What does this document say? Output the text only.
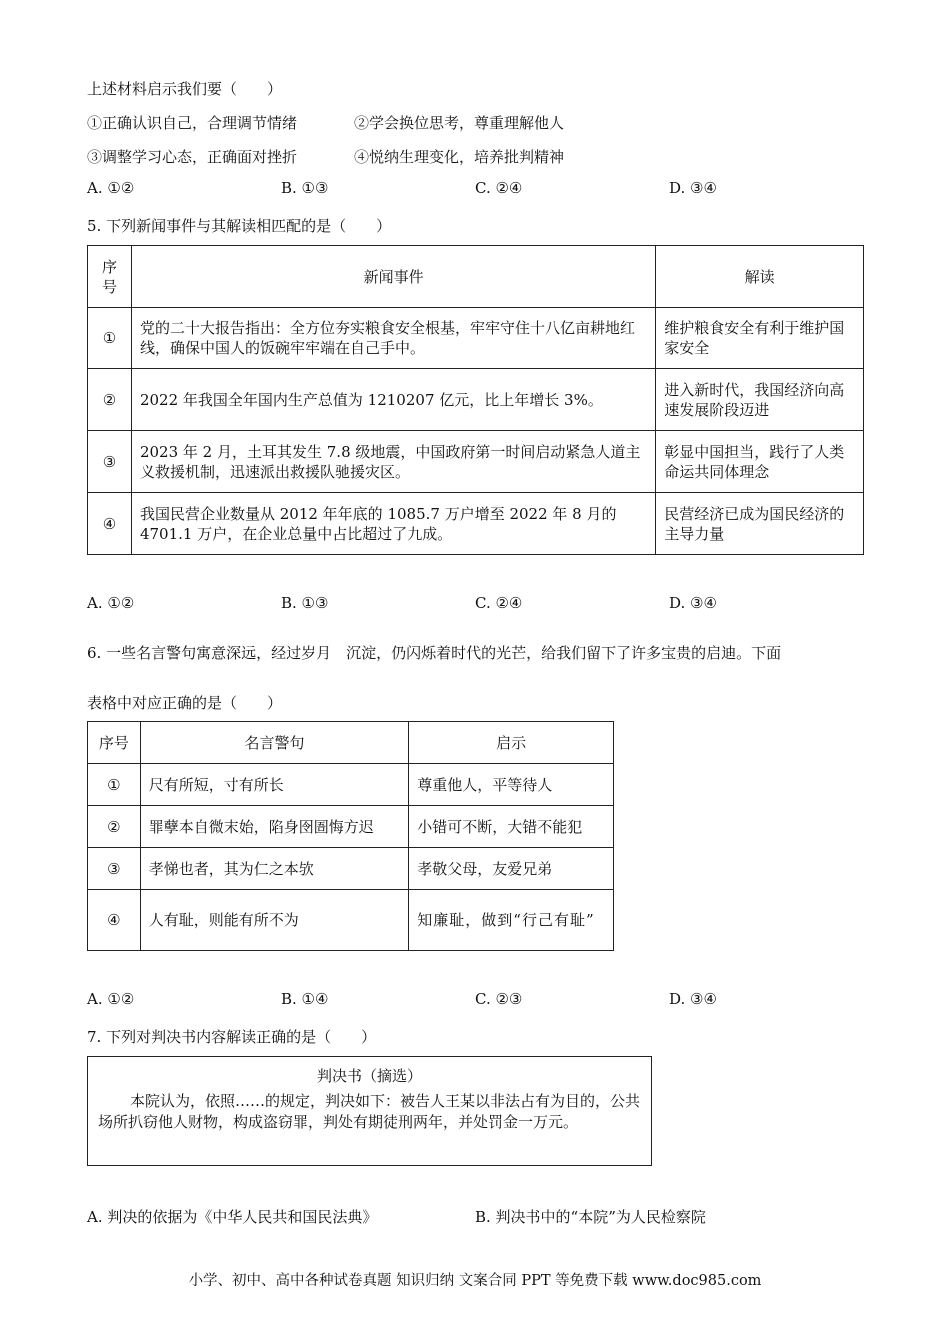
上述材料启示我们要（　　）
①正确认识自己，合理调节情绪	②学会换位思考，尊重理解他人
③调整学习心态，正确面对挫折	④悦纳生理变化，培养批判精神
A. ①②	B. ①③	C. ②④	D. ③④
5. 下列新闻事件与其解读相匹配的是（　　）
序号	新闻事件	解读
①	党的二十大报告指出：全方位夯实粮食安全根基，牢牢守住十八亿亩耕地红线，确保中国人的饭碗牢牢端在自己手中。	维护粮食安全有利于维护国家安全
②	2022 年我国全年国内生产总值为 1210207 亿元，比上年增长 3%。	进入新时代，我国经济向高速发展阶段迈进
③	2023 年 2 月，土耳其发生 7.8 级地震，中国政府第一时间启动紧急人道主义救援机制，迅速派出救援队驰援灾区。	彰显中国担当，践行了人类命运共同体理念
④	我国民营企业数量从 2012 年年底的 1085.7 万户增至 2022 年 8 月的 4701.1 万户，在企业总量中占比超过了九成。	民营经济已成为国民经济的主导力量
A. ①②	B. ①③	C. ②④	D. ③④
6. 一些名言警句寓意深远，经过岁月　沉淀，仍闪烁着时代的光芒，给我们留下了许多宝贵的启迪。下面
表格中对应正确的是（　　）
序号	名言警句	启示
①	尺有所短，寸有所长	尊重他人，平等待人
②	罪孽本自微末始，陷身囹圄悔方迟	小错可不断，大错不能犯
③	孝悌也者，其为仁之本欤	孝敬父母，友爱兄弟
④	人有耻，则能有所不为	知廉耻，做到“行己有耻”
A. ①②	B. ①④	C. ②③	D. ③④
7. 下列对判决书内容解读正确的是（　　）
判决书（摘选）
本院认为，依照……的规定，判决如下：被告人王某以非法占有为目的，公共场所扒窃他人财物，构成盗窃罪，判处有期徒刑两年，并处罚金一万元。
A. 判决的依据为《中华人民共和国民法典》	B. 判决书中的“本院”为人民检察院
小学、初中、高中各种试卷真题 知识归纳 文案合同 PPT 等免费下载 www.doc985.com
